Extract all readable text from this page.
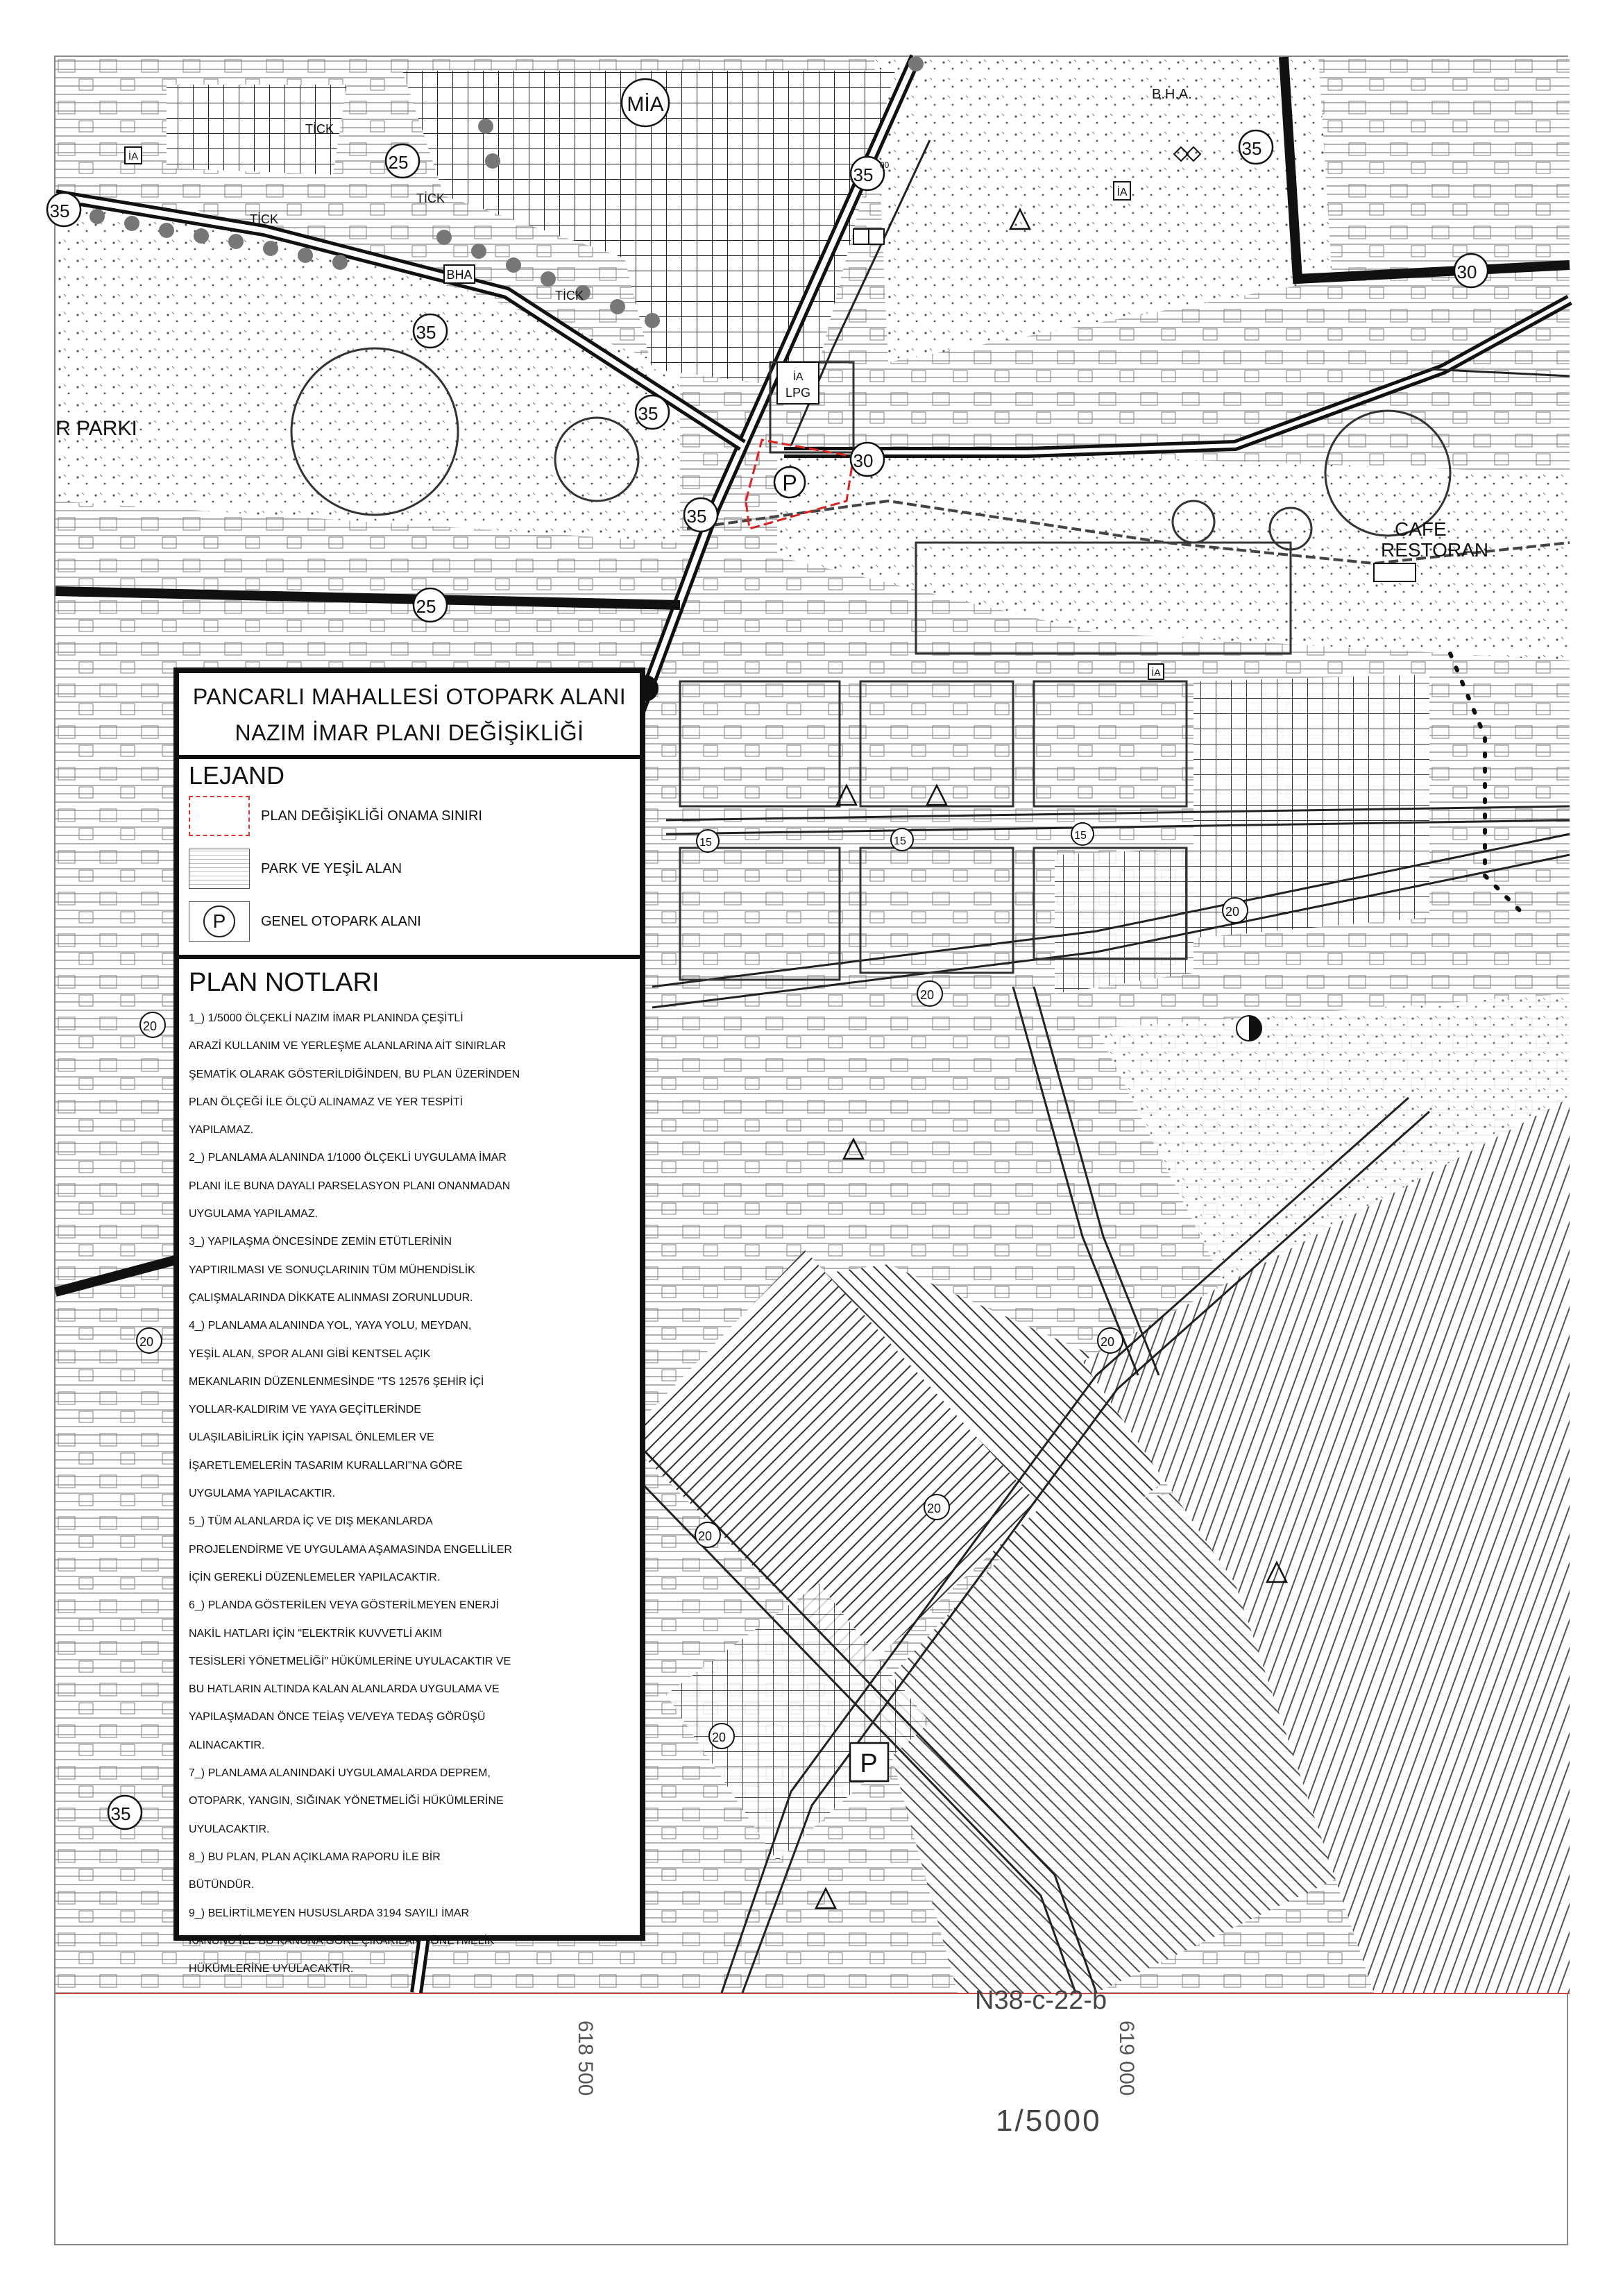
P
P
MİA	B.H.A.
BHA
İA
İA
İA
TİCK
TİCK
TİCK
TİCK
İA
LPG
R PARKI
CAFE
RESTORAN
35
35
35
35
35
35
35
30
30
25
25
20
20
20
20	20
20
20
20
15	15	15
00
PANCARLI MAHALLESİ OTOPARK ALANI
NAZIM İMAR PLANI DEĞİŞİKLİĞİ
LEJAND
PLAN DEĞİŞİKLİĞİ ONAMA SINIRI
PARK VE YEŞİL ALAN
P	GENEL OTOPARK ALANI
PLAN NOTLARI
1_) 1/5000 ÖLÇEKLİ NAZIM İMAR PLANINDA ÇEŞİTLİ
ARAZİ KULLANIM VE YERLEŞME ALANLARINA AİT SINIRLAR
ŞEMATİK OLARAK GÖSTERİLDİĞİNDEN, BU PLAN ÜZERİNDEN
PLAN ÖLÇEĞİ İLE ÖLÇÜ ALINAMAZ VE YER TESPİTİ
YAPILAMAZ.
2_) PLANLAMA ALANINDA 1/1000 ÖLÇEKLİ UYGULAMA İMAR
PLANI İLE BUNA DAYALI PARSELASYON PLANI ONANMADAN
UYGULAMA YAPILAMAZ.
3_) YAPILAŞMA ÖNCESİNDE ZEMİN ETÜTLERİNİN
YAPTIRILMASI VE SONUÇLARININ TÜM MÜHENDİSLİK
ÇALIŞMALARINDA DİKKATE ALINMASI ZORUNLUDUR.
4_) PLANLAMA ALANINDA YOL, YAYA YOLU, MEYDAN,
YEŞİL ALAN, SPOR ALANI GİBİ KENTSEL AÇIK
MEKANLARIN DÜZENLENMESİNDE "TS 12576 ŞEHİR İÇİ
YOLLAR-KALDIRIM VE YAYA GEÇİTLERİNDE
ULAŞILABİLİRLİK İÇİN YAPISAL ÖNLEMLER VE
İŞARETLEMELERİN TASARIM KURALLARI"NA GÖRE
UYGULAMA YAPILACAKTIR.
5_) TÜM ALANLARDA İÇ VE DIŞ MEKANLARDA
PROJELENDİRME VE UYGULAMA AŞAMASINDA ENGELLİLER
İÇİN GEREKLİ DÜZENLEMELER YAPILACAKTIR.
6_) PLANDA GÖSTERİLEN VEYA GÖSTERİLMEYEN ENERJİ
NAKİL HATLARI İÇİN "ELEKTRİK KUVVETLİ AKIM
TESİSLERİ YÖNETMELİĞİ" HÜKÜMLERİNE UYULACAKTIR VE
BU HATLARIN ALTINDA KALAN ALANLARDA UYGULAMA VE
YAPILAŞMADAN ÖNCE TEİAŞ VE/VEYA TEDAŞ GÖRÜŞÜ
ALINACAKTIR.
7_) PLANLAMA ALANINDAKİ UYGULAMALARDA DEPREM,
OTOPARK, YANGIN, SIĞINAK YÖNETMELİĞİ HÜKÜMLERİNE
UYULACAKTIR.
8_) BU PLAN, PLAN AÇIKLAMA RAPORU İLE BİR
BÜTÜNDÜR.
9_) BELİRTİLMEYEN HUSUSLARDA 3194 SAYILI İMAR
KANUNU İLE BU KANUNA GÖRE ÇIKARILAN YÖNETMELİK
HÜKÜMLERİNE UYULACAKTIR.
N38-c-22-b
618 500	619 000
1/5000
